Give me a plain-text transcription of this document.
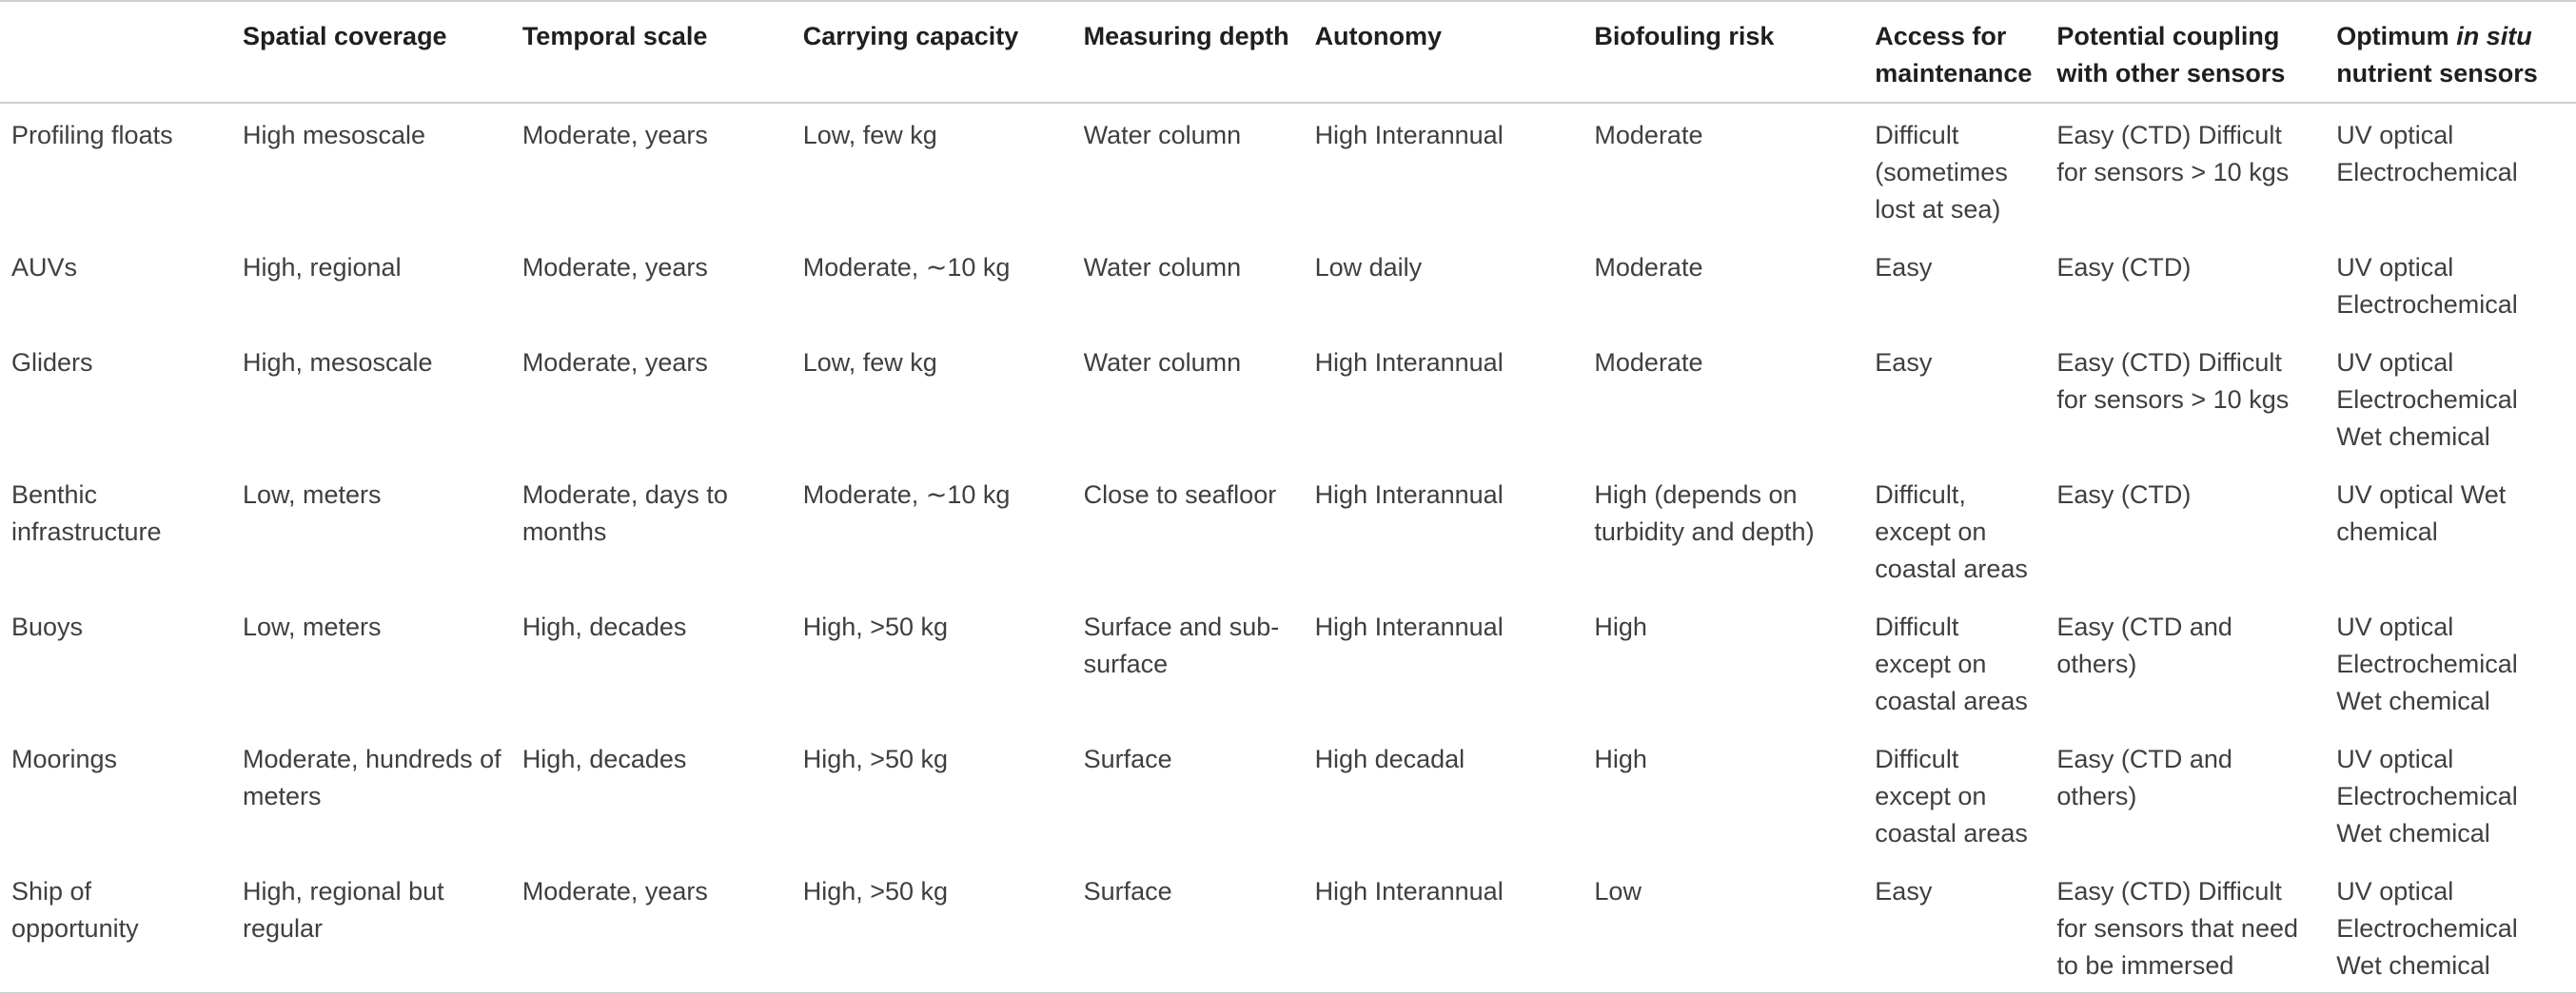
	Spatial coverage	Temporal scale	Carrying capacity	Measuring depth	Autonomy	Biofouling risk	Access for maintenance	Potential coupling with other sensors	Optimum in situ nutrient sensors
Profiling floats	High mesoscale	Moderate, years	Low, few kg	Water column	High Interannual	Moderate	Difficult (sometimes lost at sea)	Easy (CTD) Difficult for sensors > 10 kgs	UV optical Electrochemical
AUVs	High, regional	Moderate, years	Moderate, ∼10 kg	Water column	Low daily	Moderate	Easy	Easy (CTD)	UV optical Electrochemical
Gliders	High, mesoscale	Moderate, years	Low, few kg	Water column	High Interannual	Moderate	Easy	Easy (CTD) Difficult for sensors > 10 kgs	UV optical Electrochemical Wet chemical
Benthic infrastructure	Low, meters	Moderate, days to months	Moderate, ∼10 kg	Close to seafloor	High Interannual	High (depends on turbidity and depth)	Difficult, except on coastal areas	Easy (CTD)	UV optical Wet chemical
Buoys	Low, meters	High, decades	High, >50 kg	Surface and sub-surface	High Interannual	High	Difficult except on coastal areas	Easy (CTD and others)	UV optical Electrochemical Wet chemical
Moorings	Moderate, hundreds of meters	High, decades	High, >50 kg	Surface	High decadal	High	Difficult except on coastal areas	Easy (CTD and others)	UV optical Electrochemical Wet chemical
Ship of opportunity	High, regional but regular	Moderate, years	High, >50 kg	Surface	High Interannual	Low	Easy	Easy (CTD) Difficult for sensors that need to be immersed	UV optical Electrochemical Wet chemical
